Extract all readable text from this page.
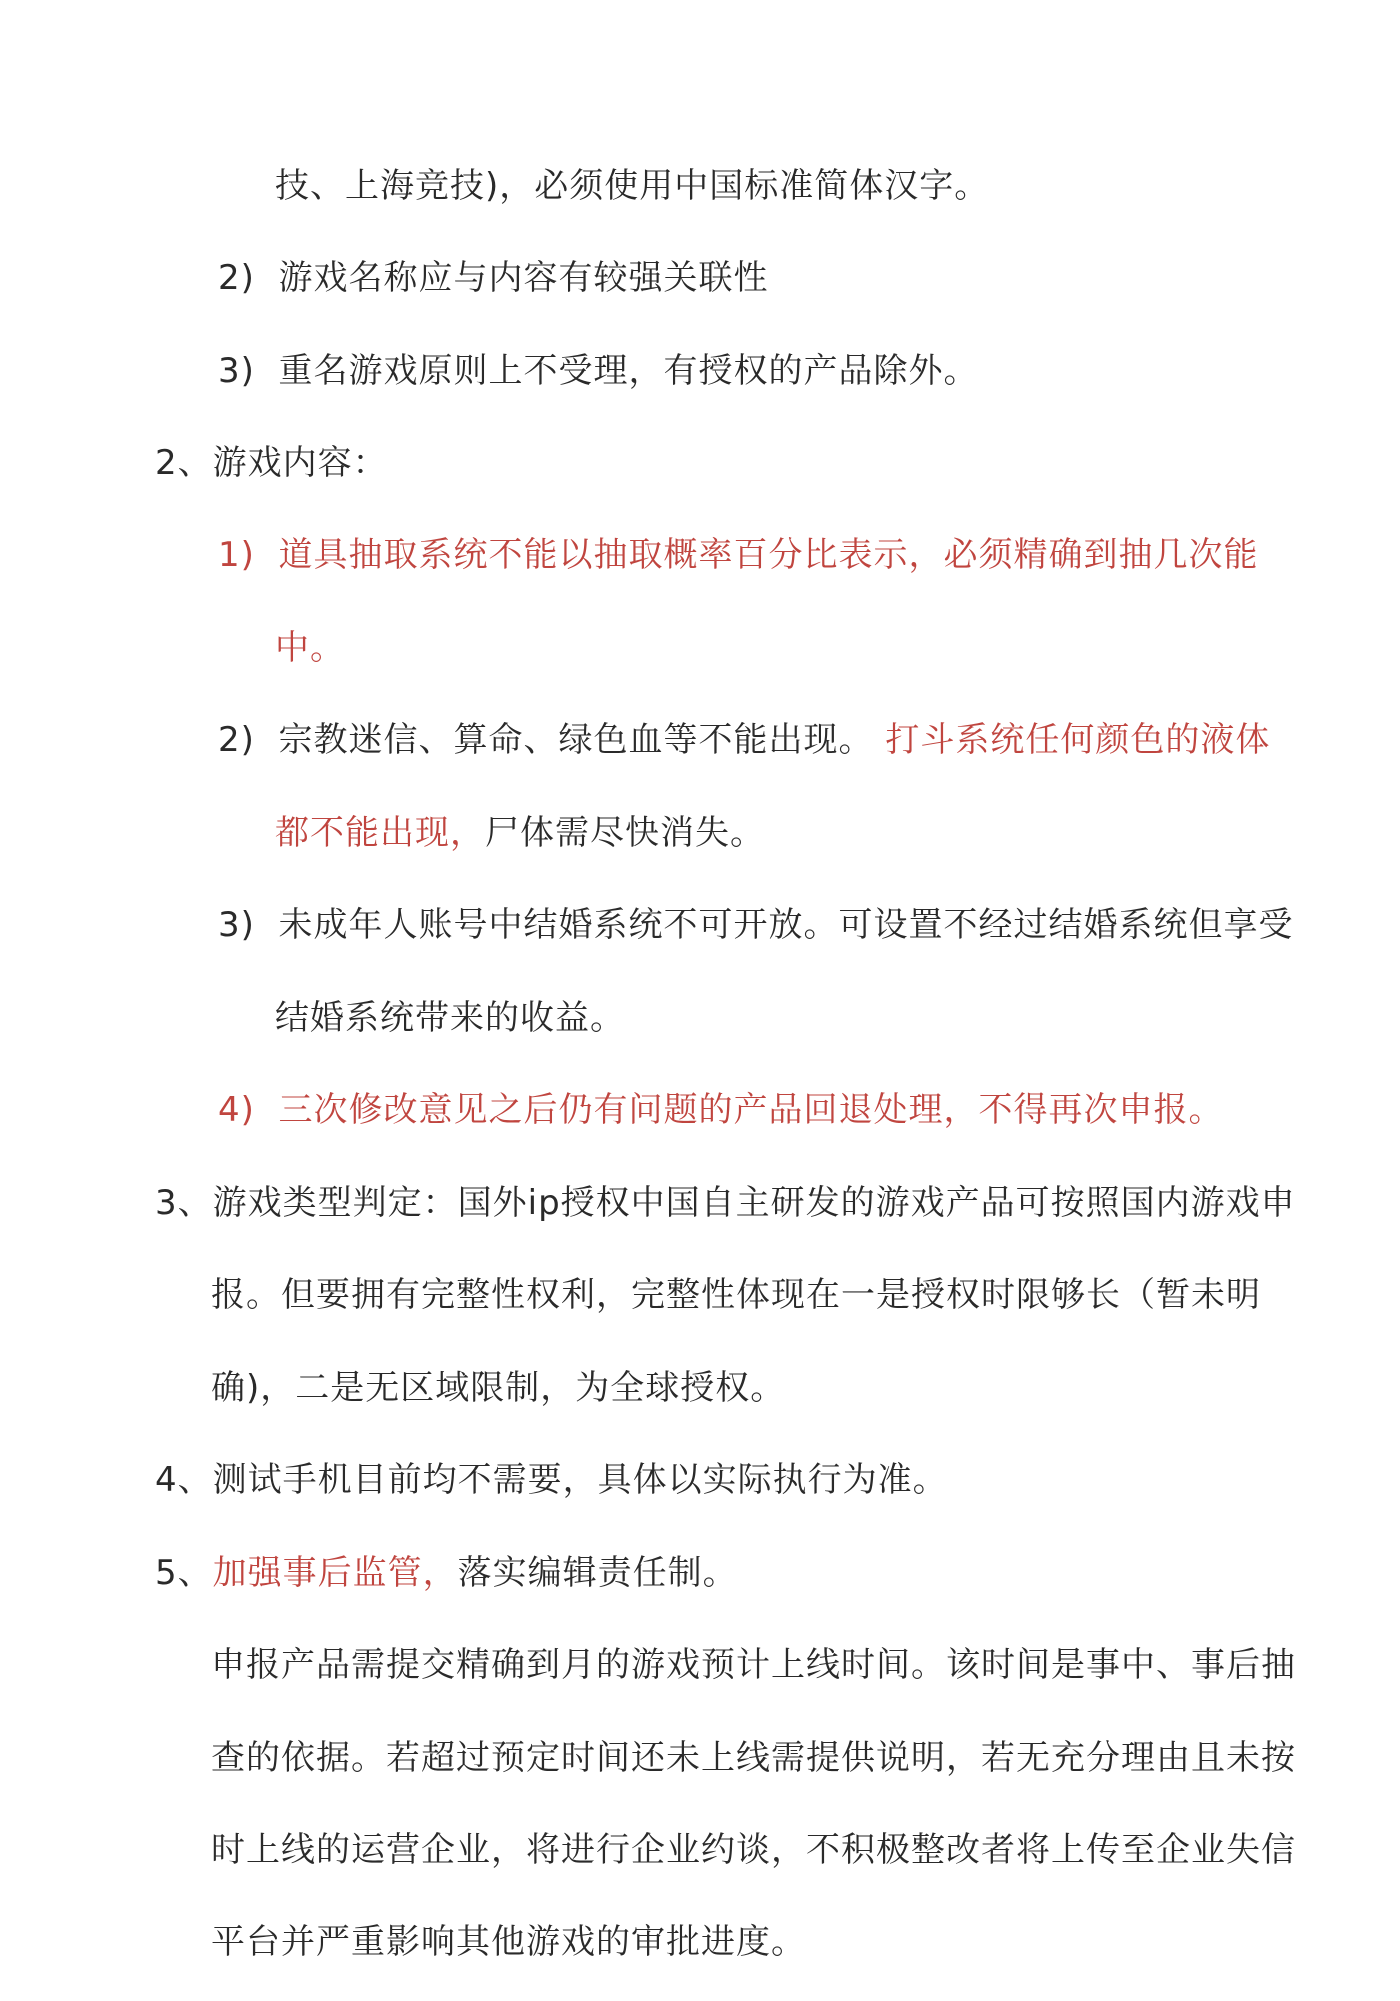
技、上海竞技)，必须使用中国标准简体汉字。
2) 游戏名称应与内容有较强关联性
3) 重名游戏原则上不受理，有授权的产品除外。
2、游戏内容：
1) 道具抽取系统不能以抽取概率百分比表示，必须精确到抽几次能
中。
2) 宗教迷信、算命、绿色血等不能出现。 打斗系统任何颜色的液体
都不能出现，尸体需尽快消失。
3) 未成年人账号中结婚系统不可开放。可设置不经过结婚系统但享受
结婚系统带来的收益。
4) 三次修改意见之后仍有问题的产品回退处理，不得再次申报。
3、游戏类型判定：国外ip授权中国自主研发的游戏产品可按照国内游戏申
报。但要拥有完整性权利，完整性体现在一是授权时限够长（暂未明
确)，二是无区域限制，为全球授权。
4、测试手机目前均不需要，具体以实际执行为准。
5、加强事后监管，落实编辑责任制。
申报产品需提交精确到月的游戏预计上线时间。该时间是事中、事后抽
查的依据。若超过预定时间还未上线需提供说明，若无充分理由且未按
时上线的运营企业，将进行企业约谈，不积极整改者将上传至企业失信
平台并严重影响其他游戏的审批进度。
